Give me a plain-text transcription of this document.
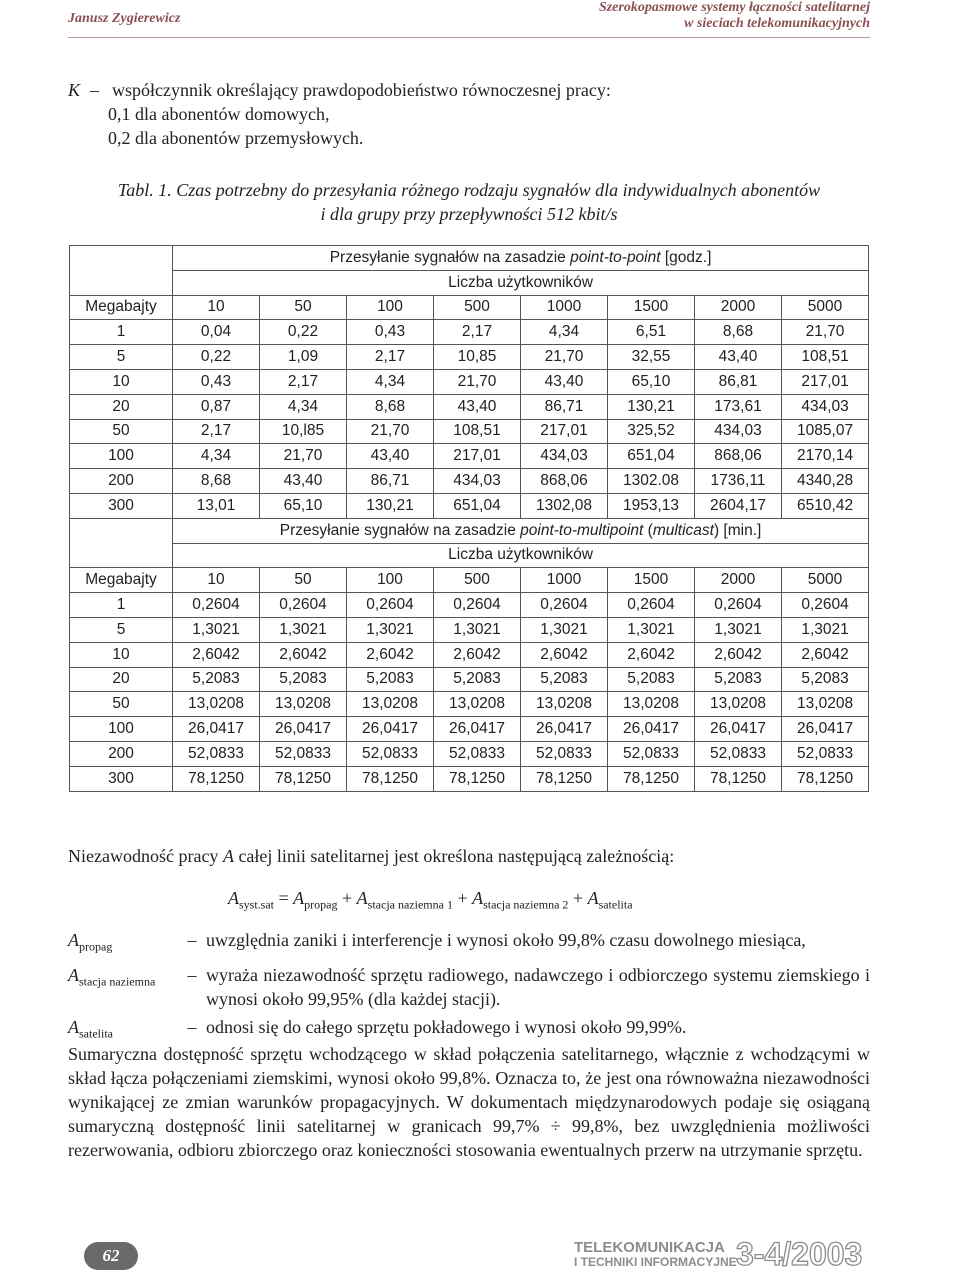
Janusz Zygierewicz
Szerokopasmowe systemy łączności satelitarnej
w sieciach telekomunikacyjnych
K – współczynnik określający prawdopodobieństwo równoczesnej pracy:
0,1 dla abonentów domowych,
0,2 dla abonentów przemysłowych.
Tabl. 1. Czas potrzebny do przesyłania różnego rodzaju sygnałów dla indywidualnych abonentów
i dla grupy przy przepływności 512 kbit/s
	Przesyłanie sygnałów na zasadzie point-to-point [godz.]							
	Liczba użytkowników							
Megabajty	10	50	100	500	1000	1500	2000	5000
1	0,04	0,22	0,43	2,17	4,34	6,51	8,68	21,70
5	0,22	1,09	2,17	10,85	21,70	32,55	43,40	108,51
10	0,43	2,17	4,34	21,70	43,40	65,10	86,81	217,01
20	0,87	4,34	8,68	43,40	86,71	130,21	173,61	434,03
50	2,17	10,l85	21,70	108,51	217,01	325,52	434,03	1085,07
100	4,34	21,70	43,40	217,01	434,03	651,04	868,06	2170,14
200	8,68	43,40	86,71	434,03	868,06	1302.08	1736,11	4340,28
300	13,01	65,10	130,21	651,04	1302,08	1953,13	2604,17	6510,42
	Przesyłanie sygnałów na zasadzie point-to-multipoint (multicast) [min.]							
	Liczba użytkowników							
Megabajty	10	50	100	500	1000	1500	2000	5000
1	0,2604	0,2604	0,2604	0,2604	0,2604	0,2604	0,2604	0,2604
5	1,3021	1,3021	1,3021	1,3021	1,3021	1,3021	1,3021	1,3021
10	2,6042	2,6042	2,6042	2,6042	2,6042	2,6042	2,6042	2,6042
20	5,2083	5,2083	5,2083	5,2083	5,2083	5,2083	5,2083	5,2083
50	13,0208	13,0208	13,0208	13,0208	13,0208	13,0208	13,0208	13,0208
100	26,0417	26,0417	26,0417	26,0417	26,0417	26,0417	26,0417	26,0417
200	52,0833	52,0833	52,0833	52,0833	52,0833	52,0833	52,0833	52,0833
300	78,1250	78,1250	78,1250	78,1250	78,1250	78,1250	78,1250	78,1250
Niezawodność pracy A całej linii satelitarnej jest określona następującą zależnością:
$A_{syst.sat} = A_{propag} + A_{stacja naziemna 1} + A_{stacja naziemna 2} + A_{satelita}$
$A_{propag}$	– uwzględnia zaniki i interferencje i wynosi około 99,8% czasu dowolnego miesiąca,
$A_{stacja naziemna}$	– wyraża niezawodność sprzętu radiowego, nadawczego i odbiorczego systemu ziemskiego i wynosi około 99,95% (dla każdej stacji).
$A_{satelita}$	– odnosi się do całego sprzętu pokładowego i wynosi około 99,99%.
Sumaryczna dostępność sprzętu wchodzącego w skład połączenia satelitarnego, włącznie z wchodzącymi w skład łącza połączeniami ziemskimi, wynosi około 99,8%. Oznacza to, że jest ona równoważna niezawodności wynikającej ze zmian warunków propagacyjnych. W dokumentach międzynarodowych podaje się osiąganą sumaryczną dostępność linii satelitarnej w granicach 99,7% ÷ 99,8%, bez uwzględnienia możliwości rezerwowania, odbioru zbiorczego oraz konieczności stosowania ewentualnych przerw na utrzymanie sprzętu.
62	TELEKOMUNIKACJA
I TECHNIKI INFORMACYJNE 3-4/2003
